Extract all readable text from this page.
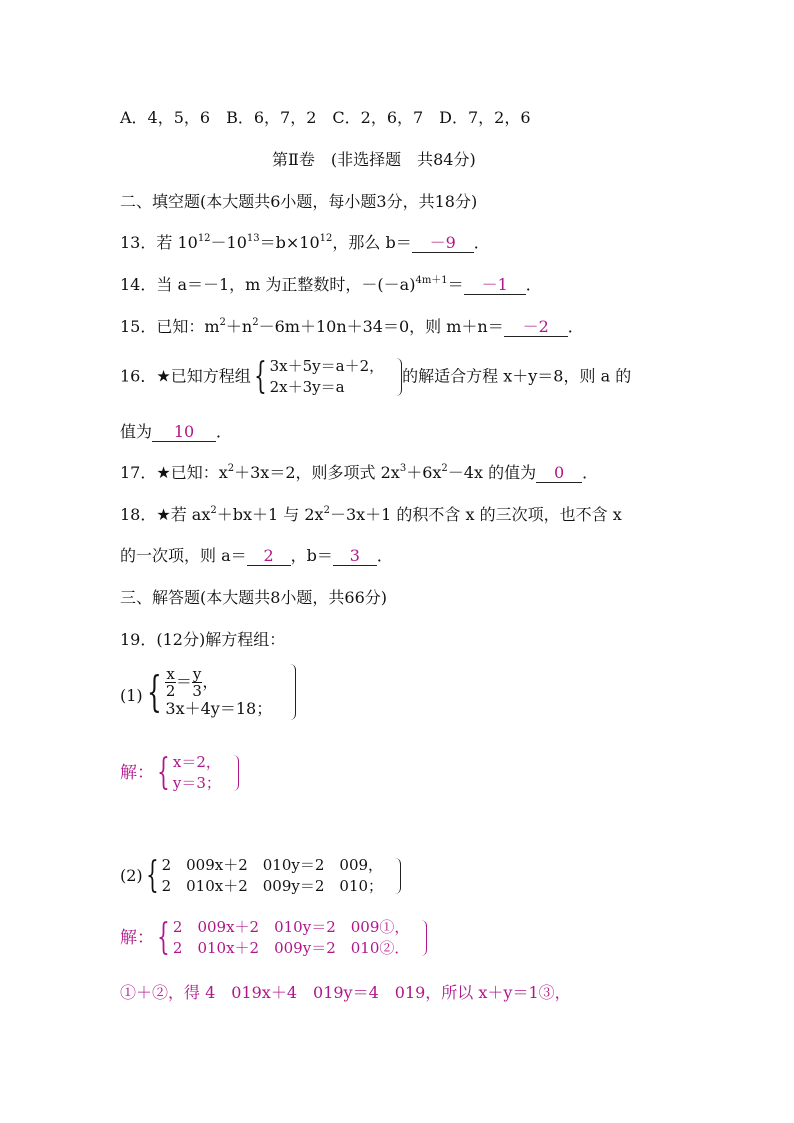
A．4，5，6　B．6，7，2　C．2，6，7　D．7，2，6
第Ⅱ卷　(非选择题　共84分)
二、填空题(本大题共6小题，每小题3分，共18分)
13．若 $10^{12}-10^{13}=b\times 10^{12}$，那么 b＝ －9 ．
14．当 a＝－1，m 为正整数时，$-(-a)^{4m+1}= -1$ ．
15．已知：$m^2+n^2-6m+10n+34=0$，则 m＋n＝ －2 ．
16．★已知方程组 { 3x＋5y＝a＋2，
2x＋3y＝a
的解适合方程 x＋y＝8，则 a 的
值为 10 ．
17．★已知：$x^2+3x=2$，则多项式 $2x^3+6x^2-4x$ 的值为 0 ．
18．★若 $ax^2+bx+1$ 与 $2x^2-3x+1$ 的积不含 x 的三次项，也不含 x
的一次项，则 a＝ 2 ，b＝ 3 ．
三、解答题(本大题共8小题，共66分)
19．(12分)解方程组：
(1) { $\frac{x}{2} = \frac{y}{3}$ ，
3x＋4y＝18；
解： { x＝2，
y＝3；
(2) { 2　009x＋2　010y＝2　009，
2　010x＋2　009y＝2　010；
解： { 2　009x＋2　010y＝2　009①，
2　010x＋2　009y＝2　010②．
①＋②，得 4　019x＋4　019y＝4　019，所以 x＋y＝1③，
